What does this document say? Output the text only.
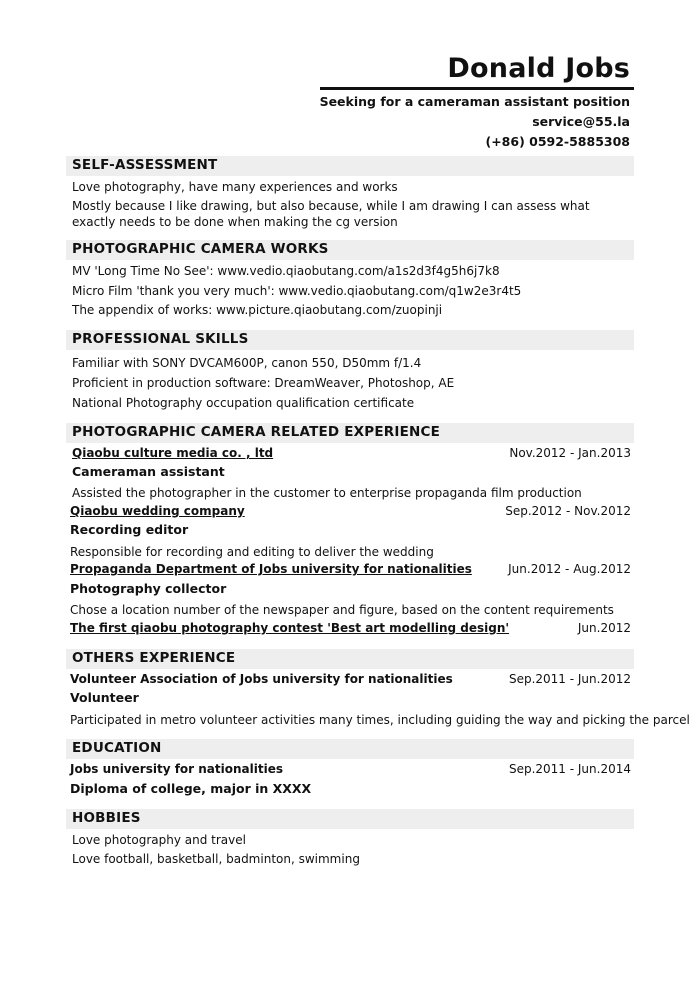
Donald Jobs
Seeking for a cameraman assistant position
service@55.la
(+86) 0592-5885308
SELF-ASSESSMENT
Love photography, have many experiences and works
Mostly because I like drawing, but also because, while I am drawing I can assess what exactly needs to be done when making the cg version
PHOTOGRAPHIC CAMERA WORKS
MV 'Long Time No See': www.vedio.qiaobutang.com/a1s2d3f4g5h6j7k8
Micro Film 'thank you very much': www.vedio.qiaobutang.com/q1w2e3r4t5
The appendix of works: www.picture.qiaobutang.com/zuopinji
PROFESSIONAL SKILLS
Familiar with SONY DVCAM600P, canon 550, D50mm f/1.4
Proficient in production software: DreamWeaver, Photoshop, AE
National Photography occupation qualification certificate
PHOTOGRAPHIC CAMERA RELATED EXPERIENCE
Qiaobu culture media co. , ltd	Nov.2012 - Jan.2013
Cameraman assistant
Assisted the photographer in the customer to enterprise propaganda film production
Qiaobu wedding company	Sep.2012 - Nov.2012
Recording editor
Responsible for recording and editing to deliver the wedding
Propaganda Department of Jobs university for nationalities	Jun.2012 - Aug.2012
Photography collector
Chose a location number of the newspaper and figure, based on the content requirements
The first qiaobu photography contest 'Best art modelling design'	Jun.2012
OTHERS EXPERIENCE
Volunteer Association of Jobs university for nationalities	Sep.2011 - Jun.2012
Volunteer
Participated in metro volunteer activities many times, including guiding the way and picking the parcel
EDUCATION
Jobs university for nationalities	Sep.2011 - Jun.2014
Diploma of college, major in XXXX
HOBBIES
Love photography and travel
Love football, basketball, badminton, swimming
